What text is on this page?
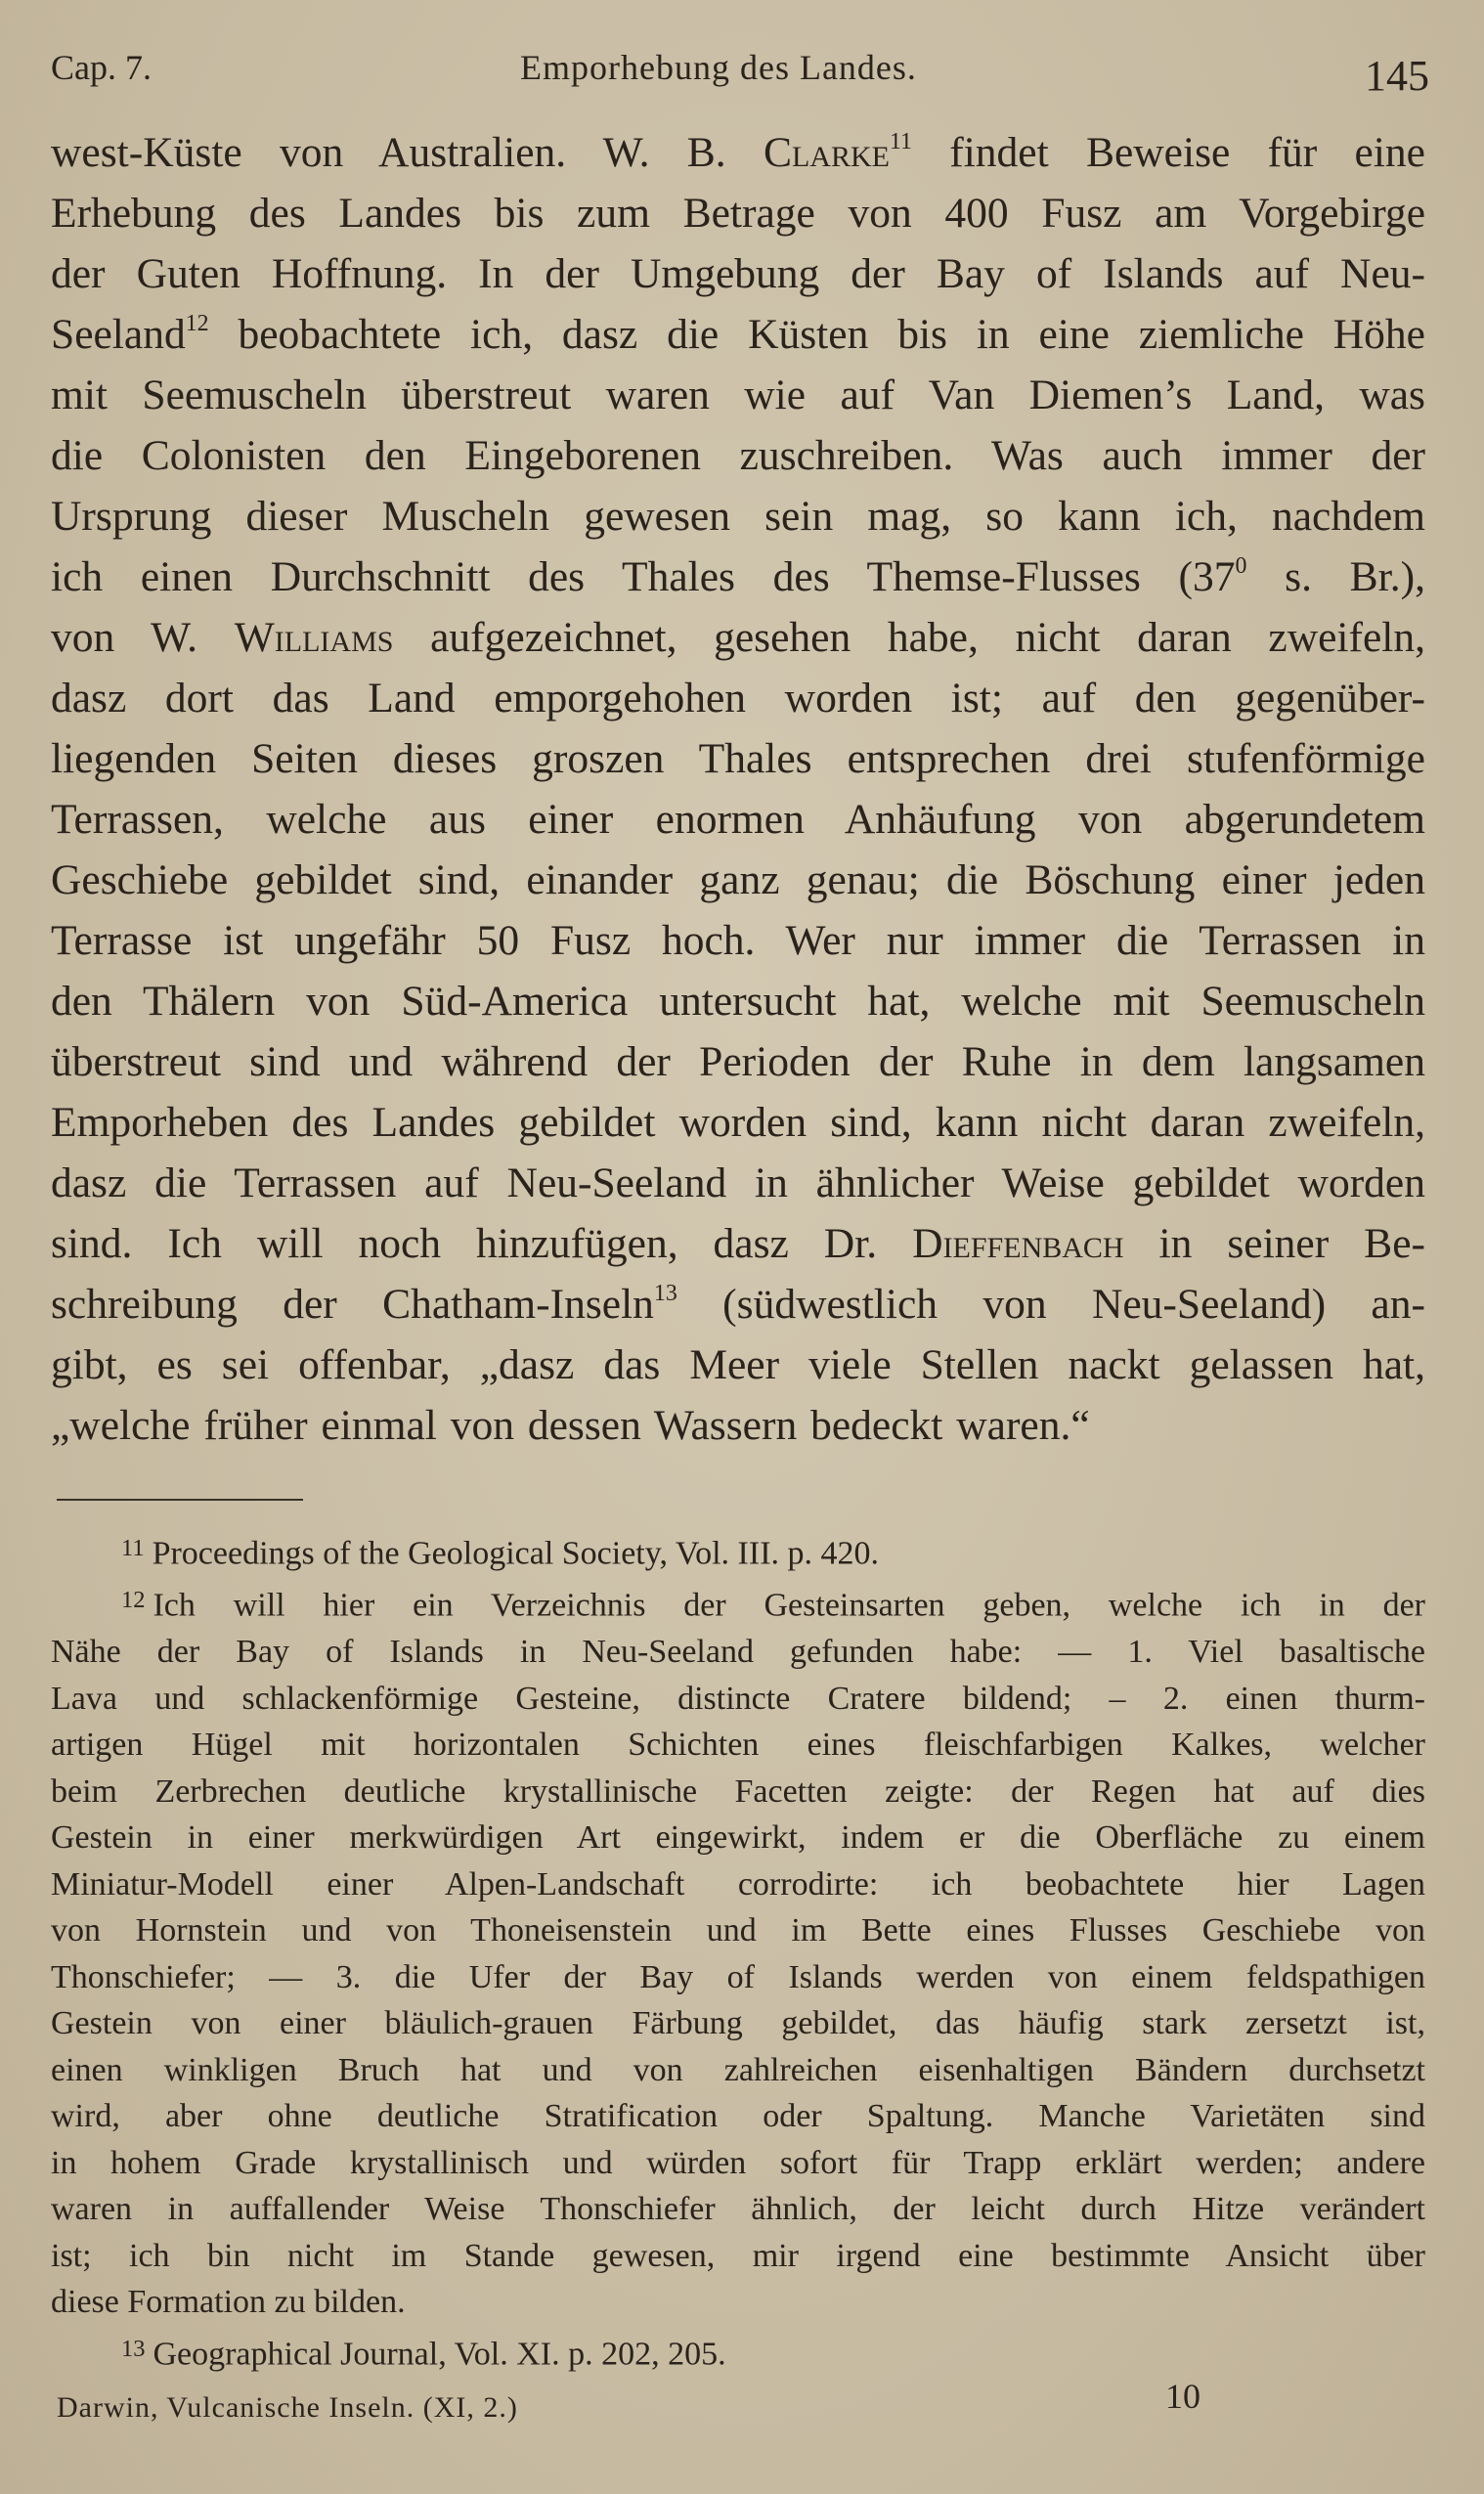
Cap. 7.	Emporhebung des Landes.	145

west-Küste von Australien. W. B. Clarke$^{11}$ findet Beweise für eine

Erhebung des Landes bis zum Betrage von 400 Fusz am Vorgebirge

der Guten Hoffnung. In der Umgebung der Bay of Islands auf Neu-

Seeland$^{12}$ beobachtete ich, dasz die Küsten bis in eine ziemliche Höhe

mit Seemuscheln überstreut waren wie auf Van Diemen’s Land, was

die Colonisten den Eingeborenen zuschreiben. Was auch immer der

Ursprung dieser Muscheln gewesen sein mag, so kann ich, nachdem

ich einen Durchschnitt des Thales des Themse-Flusses ($37^0$ s. Br.),

von W. Williams aufgezeichnet, gesehen habe, nicht daran zweifeln,

dasz dort das Land emporgehohen worden ist; auf den gegenüber-

liegenden Seiten dieses groszen Thales entsprechen drei stufenförmige

Terrassen, welche aus einer enormen Anhäufung von abgerundetem

Geschiebe gebildet sind, einander ganz genau; die Böschung einer jeden

Terrasse ist ungefähr 50 Fusz hoch. Wer nur immer die Terrassen in

den Thälern von Süd-America untersucht hat, welche mit Seemuscheln

überstreut sind und während der Perioden der Ruhe in dem langsamen

Emporheben des Landes gebildet worden sind, kann nicht daran zweifeln,

dasz die Terrassen auf Neu-Seeland in ähnlicher Weise gebildet worden

sind. Ich will noch hinzufügen, dasz Dr. Dieffenbach in seiner Be-

schreibung der Chatham-Inseln$^{13}$ (südwestlich von Neu-Seeland) an-

gibt, es sei offenbar, „dasz das Meer viele Stellen nackt gelassen hat,

„welche früher einmal von dessen Wassern bedeckt waren.“

$^{11}$ Proceedings of the Geological Society, Vol. III. p. 420.

$^{12}$ Ich will hier ein Verzeichnis der Gesteinsarten geben, welche ich in der
Nähe der Bay of Islands in Neu-Seeland gefunden habe: — 1. Viel basaltische
Lava und schlackenförmige Gesteine, distincte Cratere bildend; – 2. einen thurm-
artigen Hügel mit horizontalen Schichten eines fleischfarbigen Kalkes, welcher
beim Zerbrechen deutliche krystallinische Facetten zeigte: der Regen hat auf dies
Gestein in einer merkwürdigen Art eingewirkt, indem er die Oberfläche zu einem
Miniatur-Modell einer Alpen-Landschaft corrodirte: ich beobachtete hier Lagen
von Hornstein und von Thoneisenstein und im Bette eines Flusses Geschiebe von
Thonschiefer; — 3. die Ufer der Bay of Islands werden von einem feldspathigen
Gestein von einer bläulich-grauen Färbung gebildet, das häufig stark zersetzt ist,
einen winkligen Bruch hat und von zahlreichen eisenhaltigen Bändern durchsetzt
wird, aber ohne deutliche Stratification oder Spaltung. Manche Varietäten sind
in hohem Grade krystallinisch und würden sofort für Trapp erklärt werden; andere
waren in auffallender Weise Thonschiefer ähnlich, der leicht durch Hitze verändert
ist; ich bin nicht im Stande gewesen, mir irgend eine bestimmte Ansicht über
diese Formation zu bilden.

$^{13}$ Geographical Journal, Vol. XI. p. 202, 205.

Darwin, Vulcanische Inseln. (XI, 2.)	10
